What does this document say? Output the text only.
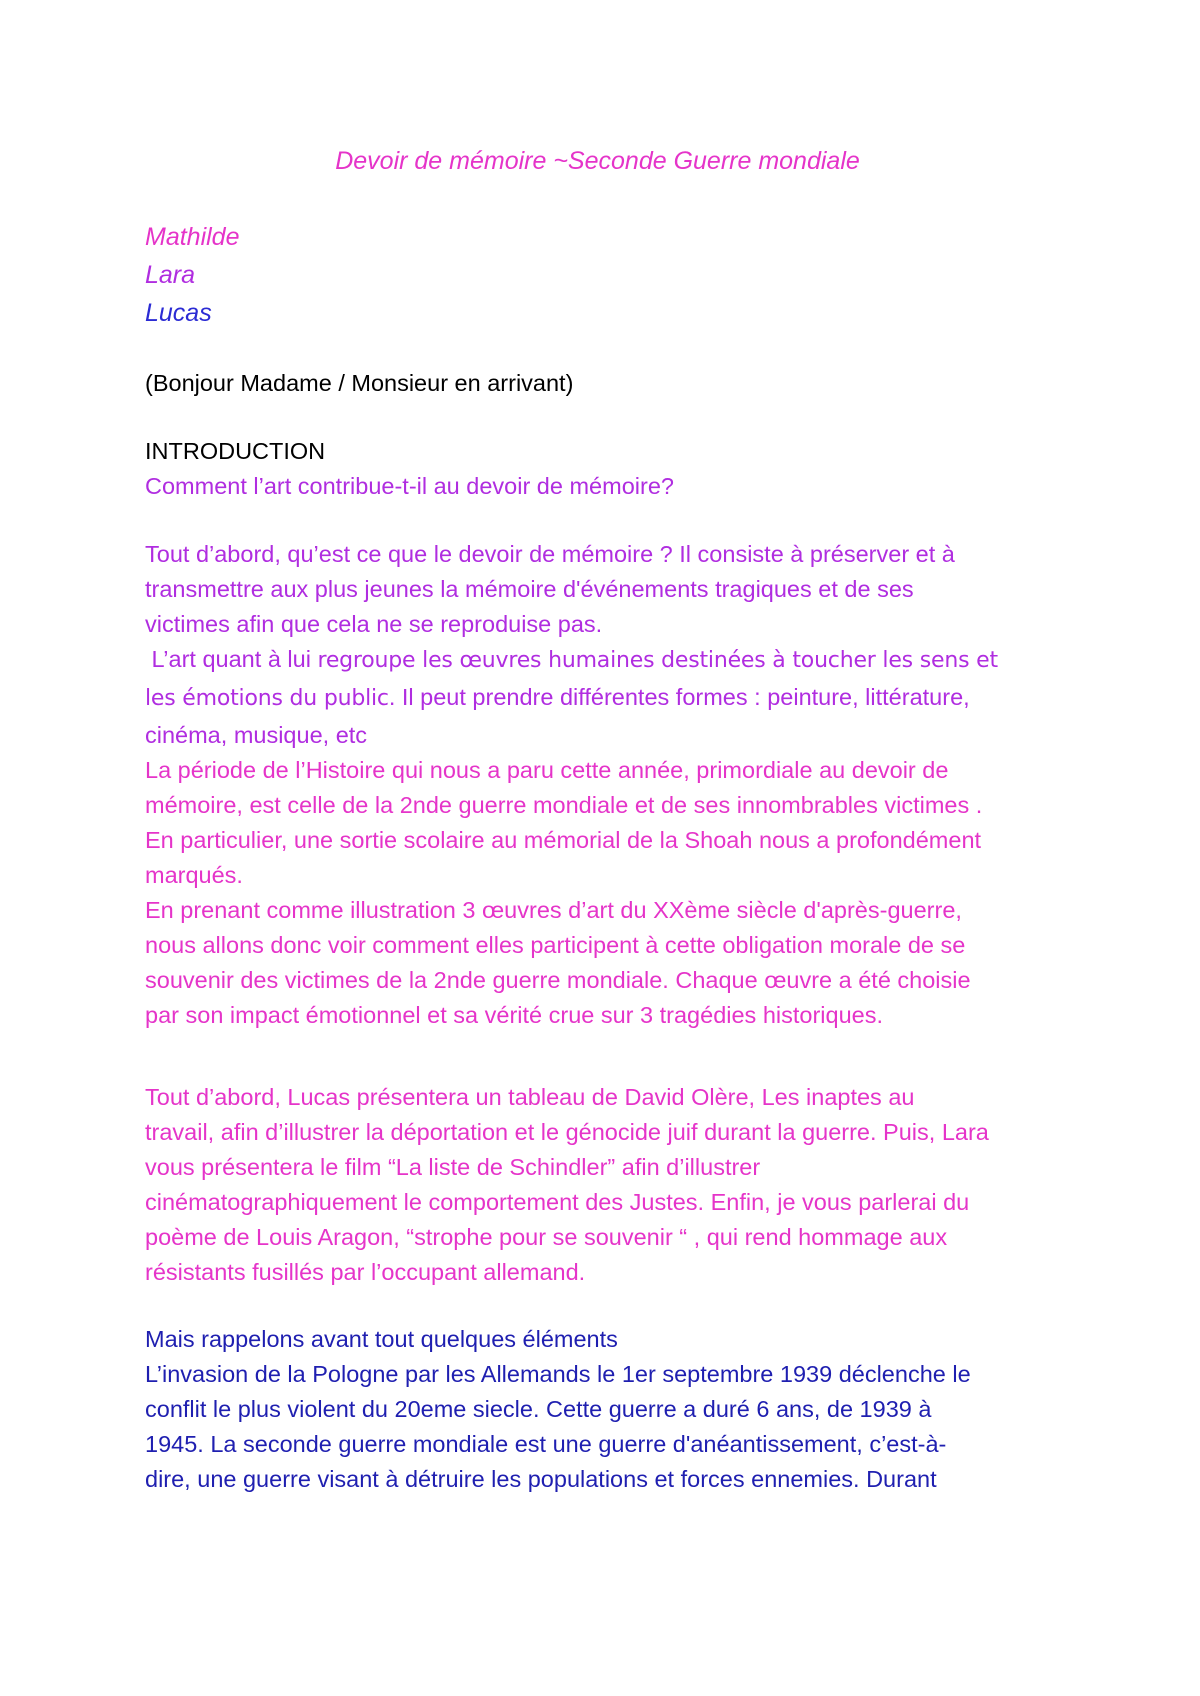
Devoir de mémoire ~Seconde Guerre mondiale
Mathilde
Lara
Lucas
(Bonjour Madame / Monsieur en arrivant)
INTRODUCTION
Comment l’art contribue-t-il au devoir de mémoire?
Tout d’abord, qu’est ce que le devoir de mémoire ? Il consiste à préserver et à
transmettre aux plus jeunes la mémoire d'événements tragiques et de ses
victimes afin que cela ne se reproduise pas.
L’art quant à lui regroupe les œuvres humaines destinées à toucher les sens et
les émotions du public. Il peut prendre différentes formes : peinture, littérature,
cinéma, musique, etc
La période de l’Histoire qui nous a paru cette année, primordiale au devoir de
mémoire, est celle de la 2nde guerre mondiale et de ses innombrables victimes .
En particulier, une sortie scolaire au mémorial de la Shoah nous a profondément
marqués.
En prenant comme illustration 3 œuvres d’art du XXème siècle d'après-guerre,
nous allons donc voir comment elles participent à cette obligation morale de se
souvenir des victimes de la 2nde guerre mondiale. Chaque œuvre a été choisie
par son impact émotionnel et sa vérité crue sur 3 tragédies historiques.
Tout d’abord, Lucas présentera un tableau de David Olère, Les inaptes au
travail, afin d’illustrer la déportation et le génocide juif durant la guerre. Puis, Lara
vous présentera le film “La liste de Schindler” afin d’illustrer
cinématographiquement le comportement des Justes. Enfin, je vous parlerai du
poème de Louis Aragon, “strophe pour se souvenir “ , qui rend hommage aux
résistants fusillés par l’occupant allemand.
Mais rappelons avant tout quelques éléments
L’invasion de la Pologne par les Allemands le 1er septembre 1939 déclenche le
conflit le plus violent du 20eme siecle. Cette guerre a duré 6 ans, de 1939 à
1945. La seconde guerre mondiale est une guerre d'anéantissement, c’est-à-
dire, une guerre visant à détruire les populations et forces ennemies. Durant
